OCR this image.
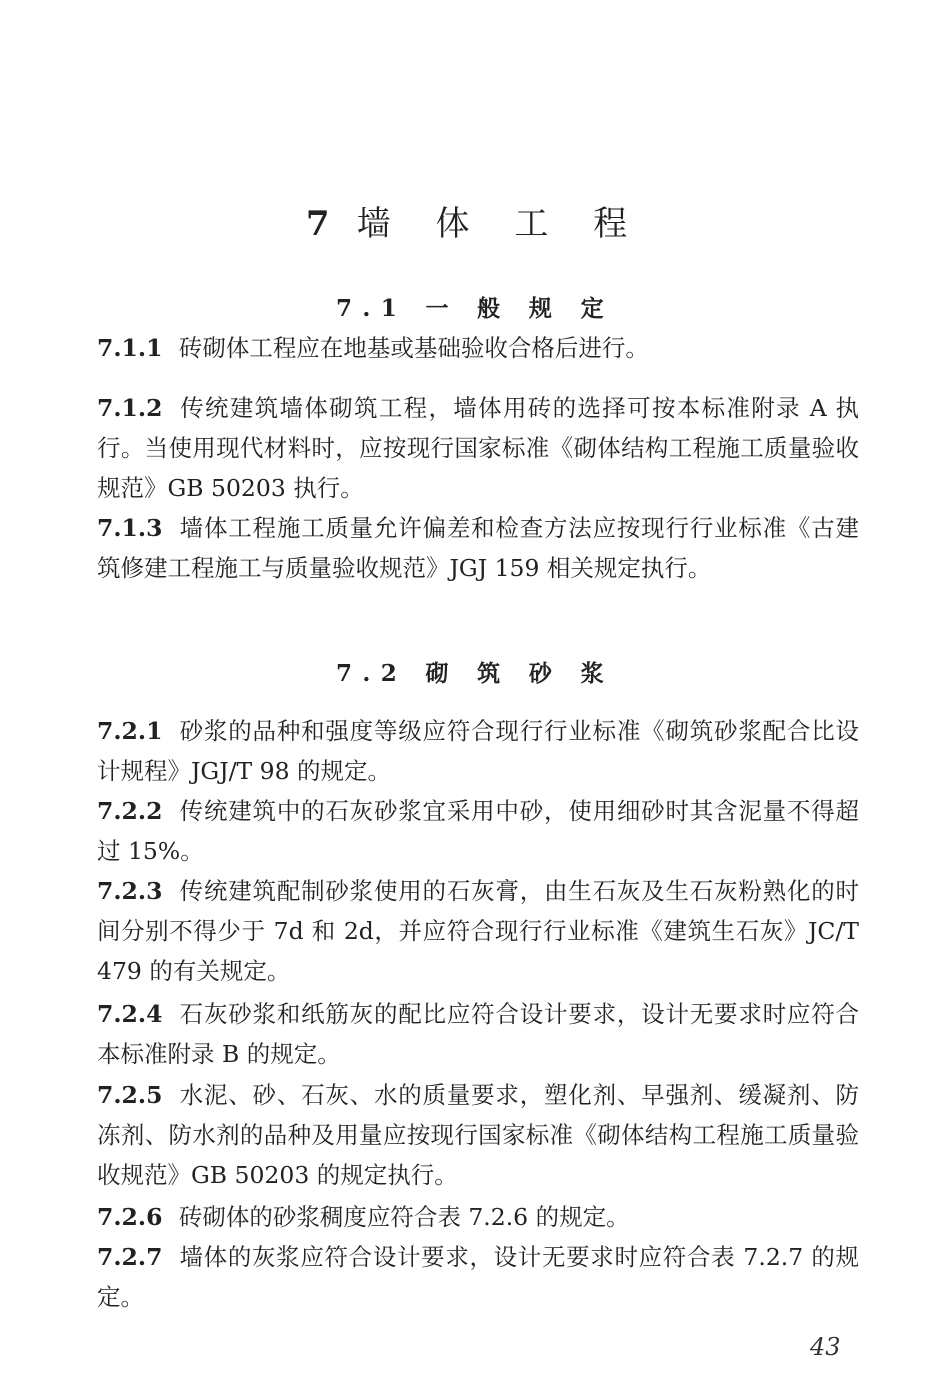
7 墙 体 工 程
7.1 一 般 规 定

7.1.1 砖砌体工程应在地基或基础验收合格后进行。

7.1.2 传统建筑墙体砌筑工程，墙体用砖的选择可按本标准附录 A 执行。当使用现代材料时，应按现行国家标准《砌体结构工程施工质量验收规范》GB 50203 执行。

7.1.3 墙体工程施工质量允许偏差和检查方法应按现行行业标准《古建筑修建工程施工与质量验收规范》JGJ 159 相关规定执行。

7.2 砌 筑 砂 浆

7.2.1 砂浆的品种和强度等级应符合现行行业标准《砌筑砂浆配合比设计规程》JGJ/T 98 的规定。

7.2.2 传统建筑中的石灰砂浆宜采用中砂，使用细砂时其含泥量不得超过 15%。

7.2.3 传统建筑配制砂浆使用的石灰膏，由生石灰及生石灰粉熟化的时间分别不得少于 7d 和 2d，并应符合现行行业标准《建筑生石灰》JC/T 479 的有关规定。

7.2.4 石灰砂浆和纸筋灰的配比应符合设计要求，设计无要求时应符合本标准附录 B 的规定。

7.2.5 水泥、砂、石灰、水的质量要求，塑化剂、早强剂、缓凝剂、防冻剂、防水剂的品种及用量应按现行国家标准《砌体结构工程施工质量验收规范》GB 50203 的规定执行。

7.2.6 砖砌体的砂浆稠度应符合表 7.2.6 的规定。

7.2.7 墙体的灰浆应符合设计要求，设计无要求时应符合表 7.2.7 的规定。

43
